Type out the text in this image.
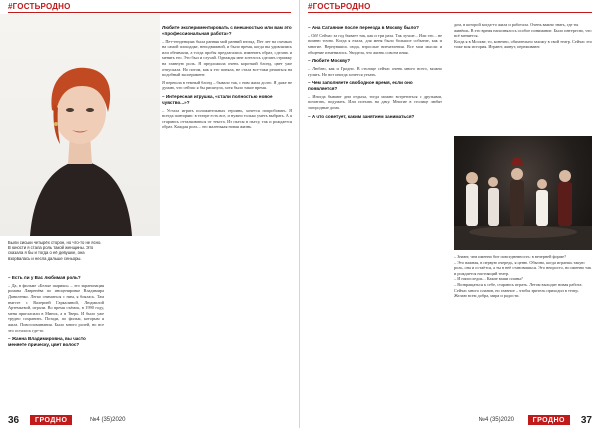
#ГОСТЬРОДНО
Были сиськи четырёх сторон, но что-то не ясно. В юности я стала роль такой женщины. Это сказала я бы и тогда о её девушке, она взорвалась и несла дальше сеньоры.
– Есть ли у Вас любимая роль?

– Да, в фильме «Белые шарики» – это экранизация романа Лавренёва по инсценировке Владимира Даниленко. Легко сниматься с ним, я боялась. Там вместе с Валерией Гаркалиной, Людмилой Артемьевой, играли. Во время съёмок, в 1990 году, меня пригласили в Минск, а в Тверь. И было уже трудно сохранить. Позади, по фильм, которым я жила. Повоспоминания. Было много ролей, но все это осталось где-то.

– Жанна Владимировна, вы часто меняете прическу, цвет волос?
Любите экспериментировать с внешностью или вам это «профессиональная работа»?

– Пет-тенденциях была ранняя мой ранний взгляд. Пет лет на съемках на самой площадке, неподвижной, и было время, когда вы удивлялись или обнимали, а тогда пробы предлагались изменить образ, сделать и менять его. Это был и случай. Однажды мне хотелось сделать стрижку на главную роль. Я предложила очень короткий блонд, цвет уже отпускала. Но потом, как я это поняла, не стала все-таки решаться на подобный эксперимент.

Я перешла в темный блонд – бывало так, с ним жила долго. Я даже не думаю, что сейчас я бы рискнула, хотя было такое время.

– Интересная игрушка, «стали полностью новое чувство...»?

– Устала играть положительных героинь, хочется попробовать. Я всегда повторяю: в театре есть все, и нужно только уметь выбрать. А я стараюсь отталкиваться от текста. Из пьесы в пьесу, так и рождается образ. Каждая роль – это маленькая новая жизнь.

36	ГРОДНО	№4 (35)2020
#ГОСТЬРОДНО
– Ана Сатаяние после переезда в Москву было?

– Ой! Сейчас за год бывает так, как и три раза. Так лучше... Или это... не помню точно. Когда я ехала, для меня было большое событие, как и многие. Вернувшись сюда, взрослые впечатления. Все мои мысли и общение изменились. Увидела, что жизнь совсем иная.

– Любите Москву?

– Люблю, как и Гродно. В столице сейчас очень много всего, можно гулять. Но вот иногда хочется уехать.

– Чем заполняете свободное время, если оно появляется?

– Иногда бывают дни отдыха, тогда можно встретиться с друзьями, почитать, подумать. Или поехать на дачу. Многие в столице любят загородные дома.

– А что советует, каким занятием заниматься?

дом, в которой когда-то жила и работала. Очень важно знать, где ты живёшь. В это время наполнялось особое понимание. Было интересно, что всё меняется.

Когда я в Москве, то, конечно, обязательно захожу в свой театр. Сейчас это тоже моя история. Играют, живут, переживают.

– Знают, чем именно бит повседневность: в вечерней форме?

– Это важная, в первую очередь, я ценю. Обычно, когда играешь такую роль, она и остаётся, а ты в неё становишься. Это непросто, но именно так и рождается настоящий театр.

– И напоследок... Какие ваши планы?

– Возвращаться к себе, стараюсь играть. Летом выходит новая работа. Сейчас много планов, но главное – чтобы зритель приходил в театр. Желаю всем добра, мира и радости.

№4 (35)2020	ГРОДНО	37
